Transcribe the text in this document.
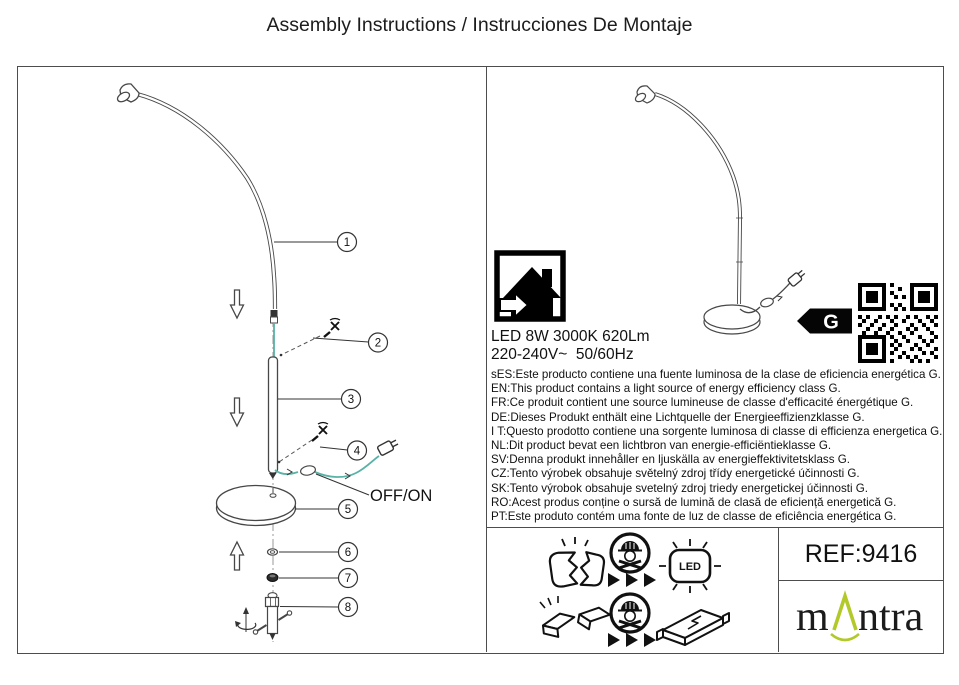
Assembly Instructions / Instrucciones De Montaje
1
2
3
4
OFF/ON
5
6
7
8
G
LED 8W 3000K 620Lm
220-240V~  50/60Hz
sES:Este producto contiene una fuente luminosa de la clase de eficiencia energética G.
EN:This product contains a light source of energy efficiency class G.
FR:Ce produit contient une source lumineuse de classe d'efficacité énergétique G.
DE:Dieses Produkt enthält eine Lichtquelle der Energieeffizienzklasse G.
I T:Questo prodotto contiene una sorgente luminosa di classe di efficienza energetica G.
NL:Dit product bevat een lichtbron van energie-efficiëntieklasse G.
SV:Denna produkt innehåller en ljuskälla av energieffektivitetsklass G.
CZ:Tento výrobek obsahuje světelný zdroj třídy energetické účinnosti G.
SK:Tento výrobok obsahuje svetelný zdroj triedy energetickej účinnosti G.
RO:Acest produs conține o sursă de lumină de clasă de eficiență energetică G.
PT:Este produto contém uma fonte de luz de classe de eficiência energética G.
LED	REF:9416
m ntra
